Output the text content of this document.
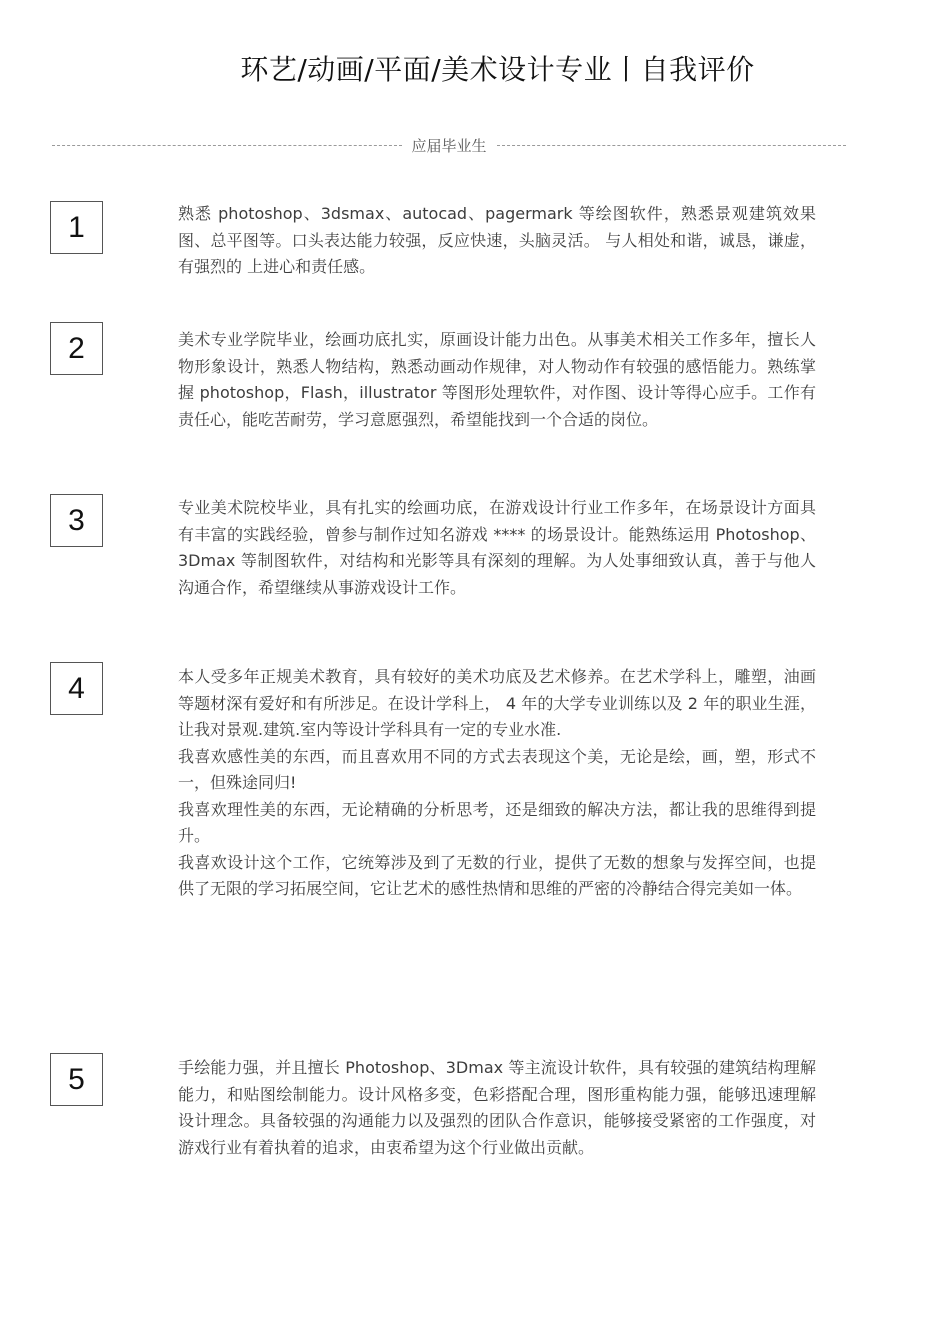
环艺/动画/平面/美术设计专业丨自我评价
应届毕业生
1	熟悉 photoshop、3dsmax、autocad、pagermark 等绘图软件，熟悉景观建筑效果图、总平图等。口头表达能力较强，反应快速，头脑灵活。 与人相处和谐，诚恳，谦虚，有强烈的 上进心和责任感。

2	美术专业学院毕业，绘画功底扎实，原画设计能力出色。从事美术相关工作多年，擅长人物形象设计，熟悉人物结构，熟悉动画动作规律，对人物动作有较强的感悟能力。熟练掌握 photoshop，Flash，illustrator 等图形处理软件，对作图、设计等得心应手。工作有责任心，能吃苦耐劳，学习意愿强烈，希望能找到一个合适的岗位。

3	专业美术院校毕业，具有扎实的绘画功底，在游戏设计行业工作多年，在场景设计方面具有丰富的实践经验，曾参与制作过知名游戏 **** 的场景设计。能熟练运用 Photoshop、3Dmax 等制图软件，对结构和光影等具有深刻的理解。为人处事细致认真，善于与他人沟通合作，希望继续从事游戏设计工作。

4	本人受多年正规美术教育，具有较好的美术功底及艺术修养。在艺术学科上，雕塑，油画等题材深有爱好和有所涉足。在设计学科上， 4 年的大学专业训练以及 2 年的职业生涯，让我对景观.建筑.室内等设计学科具有一定的专业水准.

我喜欢感性美的东西，而且喜欢用不同的方式去表现这个美，无论是绘，画，塑，形式不一，但殊途同归!

我喜欢理性美的东西，无论精确的分析思考，还是细致的解决方法，都让我的思维得到提升。

我喜欢设计这个工作，它统筹涉及到了无数的行业，提供了无数的想象与发挥空间，也提供了无限的学习拓展空间，它让艺术的感性热情和思维的严密的冷静结合得完美如一体。

5	手绘能力强，并且擅长 Photoshop、3Dmax 等主流设计软件，具有较强的建筑结构理解能力，和贴图绘制能力。设计风格多变，色彩搭配合理，图形重构能力强，能够迅速理解设计理念。具备较强的沟通能力以及强烈的团队合作意识，能够接受紧密的工作强度，对游戏行业有着执着的追求，由衷希望为这个行业做出贡献。
